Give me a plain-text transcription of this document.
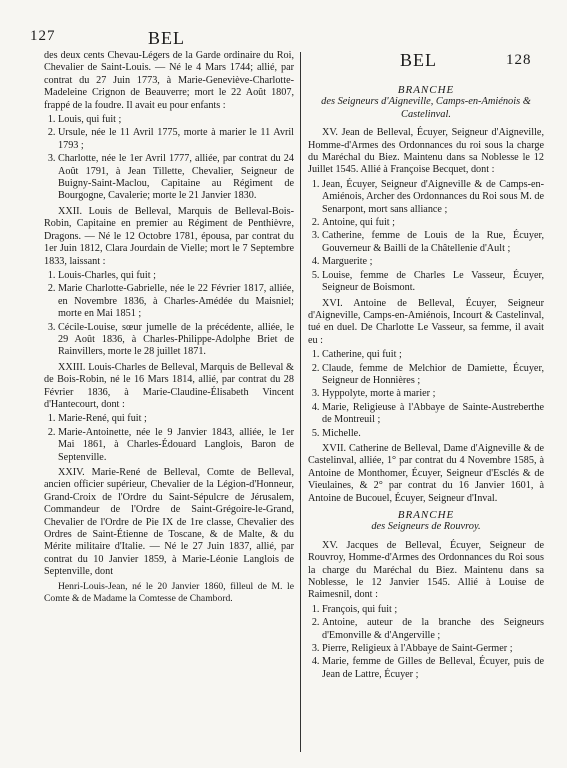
127	BEL
BEL	128

des deux cents Chevau-Légers de la Garde ordinaire du Roi, Chevalier de Saint-Louis. — Né le 4 Mars 1744; allié, par contrat du 27 Juin 1773, à Marie-Geneviève-Charlotte-Madeleine Crignon de Beauverre; mort le 22 Août 1807, frappé de la foudre. Il avait eu pour enfants :

1. Louis, qui fuit ;
2. Ursule, née le 11 Avril 1775, morte à marier le 11 Avril 1793 ;
3. Charlotte, née le 1er Avril 1777, alliée, par contrat du 24 Août 1791, à Jean Tillette, Chevalier, Seigneur de Buigny-Saint-Maclou, Capitaine au Régiment de Bourgogne, Cavalerie; morte le 21 Janvier 1830.

XXII. Louis de Belleval, Marquis de Belleval-Bois-Robin, Capitaine en premier au Régiment de Penthièvre, Dragons. — Né le 12 Octobre 1781, épousa, par contrat du 1er Juin 1812, Clara Jourdain de Vielle; mort le 7 Septembre 1833, laissant :

1. Louis-Charles, qui fuit ;
2. Marie Charlotte-Gabrielle, née le 22 Février 1817, alliée, en Novembre 1836, à Charles-Amédée du Maisniel; morte en Mai 1851 ;
3. Cécile-Louise, sœur jumelle de la précédente, alliée, le 29 Août 1836, à Charles-Philippe-Adolphe Briet de Rainvillers, morte le 28 juillet 1871.

XXIII. Louis-Charles de Belleval, Marquis de Belleval & de Bois-Robin, né le 16 Mars 1814, allié, par contrat du 28 Février 1836, à Marie-Claudine-Élisabeth Vincent d'Hantecourt, dont :

1. Marie-René, qui fuit ;
2. Marie-Antoinette, née le 9 Janvier 1843, alliée, le 1er Mai 1861, à Charles-Édouard Langlois, Baron de Septenville.

XXIV. Marie-René de Belleval, Comte de Belleval, ancien officier supérieur, Chevalier de la Légion-d'Honneur, Grand-Croix de l'Ordre du Saint-Sépulcre de Jérusalem, Commandeur de l'Ordre de Saint-Grégoire-le-Grand, Chevalier de l'Ordre de Pie IX de 1re classe, Chevalier des Ordres de Saint-Étienne de Toscane, & de Malte, & du Mérite militaire d'Italie. — Né le 27 Juin 1837, allié, par contrat du 10 Janvier 1859, à Marie-Léonie Langlois de Septenville, dont

Henri-Louis-Jean, né le 20 Janvier 1860, filleul de M. le Comte & de Madame la Comtesse de Chambord.

BRANCHE
des Seigneurs d'Aigneville, Camps-en-Amiénois & Castelinval.

XV. Jean de Belleval, Écuyer, Seigneur d'Aigneville, Homme-d'Armes des Ordonnances du roi sous la charge du Maréchal du Biez. Maintenu dans sa Noblesse le 12 Juillet 1545. Allié à Françoise Becquet, dont :

1. Jean, Écuyer, Seigneur d'Aigneville & de Camps-en-Amiénois, Archer des Ordonnances du Roi sous M. de Senarpont, mort sans alliance ;
2. Antoine, qui fuit ;
3. Catherine, femme de Louis de la Rue, Écuyer, Gouverneur & Bailli de la Châtellenie d'Ault ;
4. Marguerite ;
5. Louise, femme de Charles Le Vasseur, Écuyer, Seigneur de Boismont.

XVI. Antoine de Belleval, Écuyer, Seigneur d'Aigneville, Camps-en-Amiénois, Incourt & Castelinval, tué en duel. De Charlotte Le Vasseur, sa femme, il avait eu :

1. Catherine, qui fuit ;
2. Claude, femme de Melchior de Damiette, Écuyer, Seigneur de Honnières ;
3. Hyppolyte, morte à marier ;
4. Marie, Religieuse à l'Abbaye de Sainte-Austreberthe de Montreuil ;
5. Michelle.

XVII. Catherine de Belleval, Dame d'Aigneville & de Castelinval, alliée, 1° par contrat du 4 Novembre 1585, à Antoine de Monthomer, Écuyer, Seigneur d'Esclés & de Vieulaines, & 2° par contrat du 16 Janvier 1601, à Antoine de Bucouel, Écuyer, Seigneur d'Inval.

BRANCHE
des Seigneurs de Rouvroy.

XV. Jacques de Belleval, Écuyer, Seigneur de Rouvroy, Homme-d'Armes des Ordonnances du Roi sous la charge du Maréchal du Biez. Maintenu dans sa Noblesse, le 12 Janvier 1545. Allié à Louise de Raimesnil, dont :

1. François, qui fuit ;
2. Antoine, auteur de la branche des Seigneurs d'Emonville & d'Angerville ;
3. Pierre, Religieux à l'Abbaye de Saint-Germer ;
4. Marie, femme de Gilles de Belleval, Écuyer, puis de Jean de Lattre, Écuyer ;
